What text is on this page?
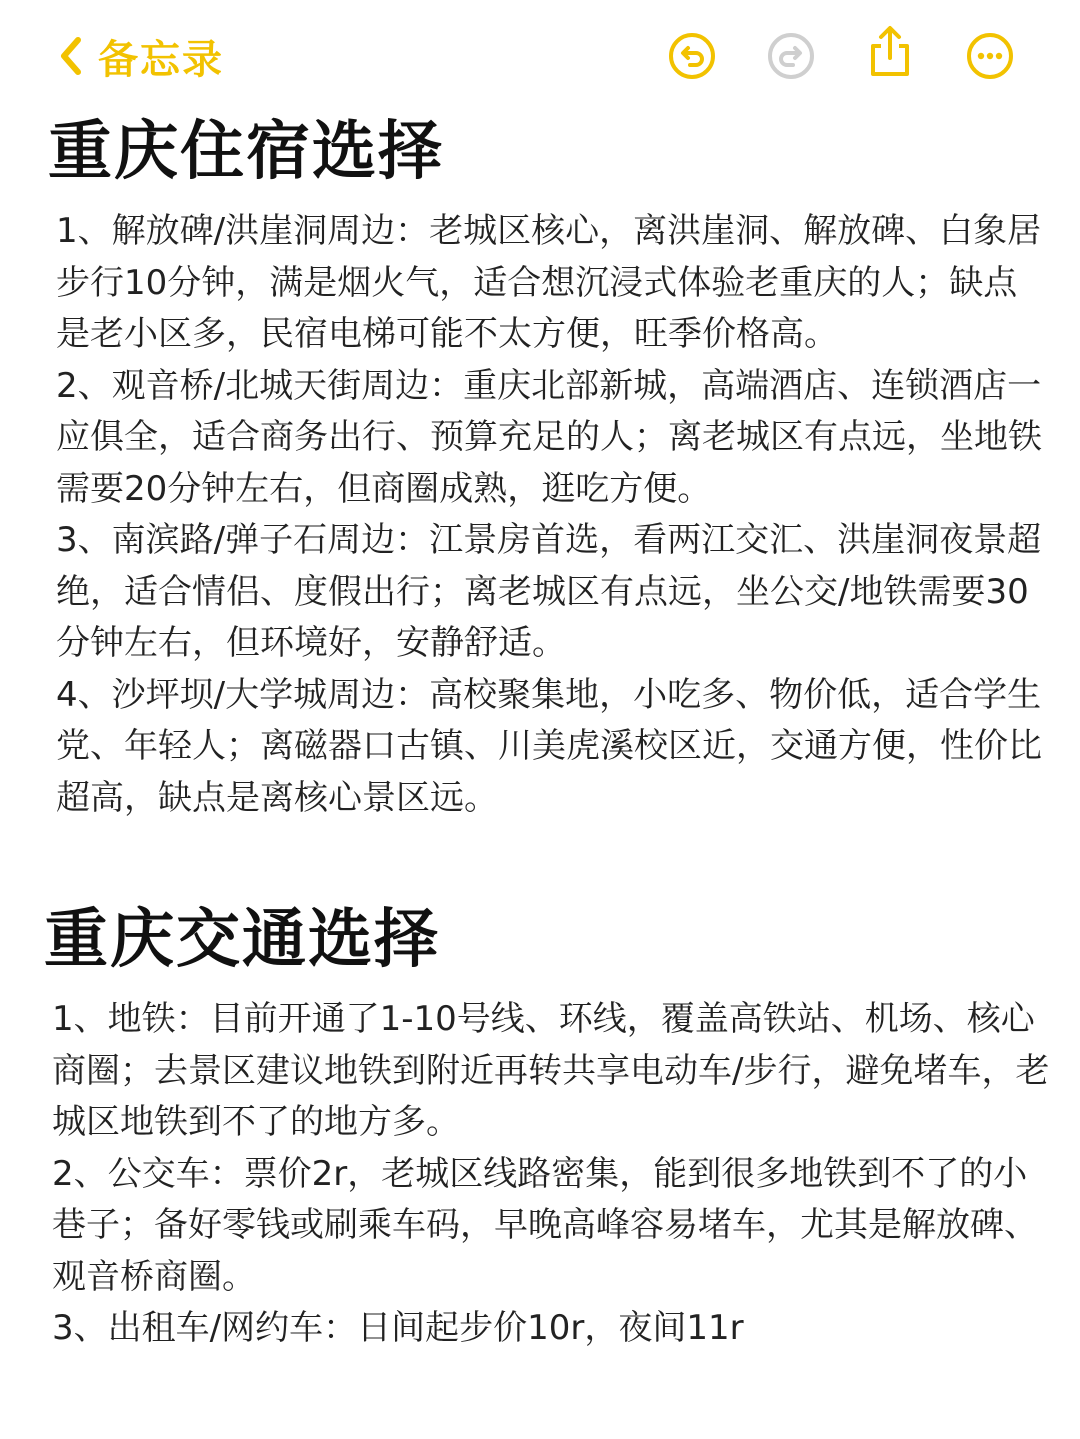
备忘录
重庆住宿选择

1、解放碑/洪崖洞周边：老城区核心，离洪崖洞、解放碑、白象居步行10分钟，满是烟火气，适合想沉浸式体验老重庆的人；缺点是老小区多，民宿电梯可能不太方便，旺季价格高。

2、观音桥/北城天街周边：重庆北部新城，高端酒店、连锁酒店一应俱全，适合商务出行、预算充足的人；离老城区有点远，坐地铁需要20分钟左右，但商圈成熟，逛吃方便。

3、南滨路/弹子石周边：江景房首选，看两江交汇、洪崖洞夜景超绝，适合情侣、度假出行；离老城区有点远，坐公交/地铁需要30分钟左右，但环境好，安静舒适。

4、沙坪坝/大学城周边：高校聚集地，小吃多、物价低，适合学生党、年轻人；离磁器口古镇、川美虎溪校区近，交通方便，性价比超高，缺点是离核心景区远。

重庆交通选择

1、地铁：目前开通了1-10号线、环线，覆盖高铁站、机场、核心商圈；去景区建议地铁到附近再转共享电动车/步行，避免堵车，老城区地铁到不了的地方多。

2、公交车：票价2r，老城区线路密集，能到很多地铁到不了的小巷子；备好零钱或刷乘车码，早晚高峰容易堵车，尤其是解放碑、观音桥商圈。

3、出租车/网约车：日间起步价10r，夜间11r
